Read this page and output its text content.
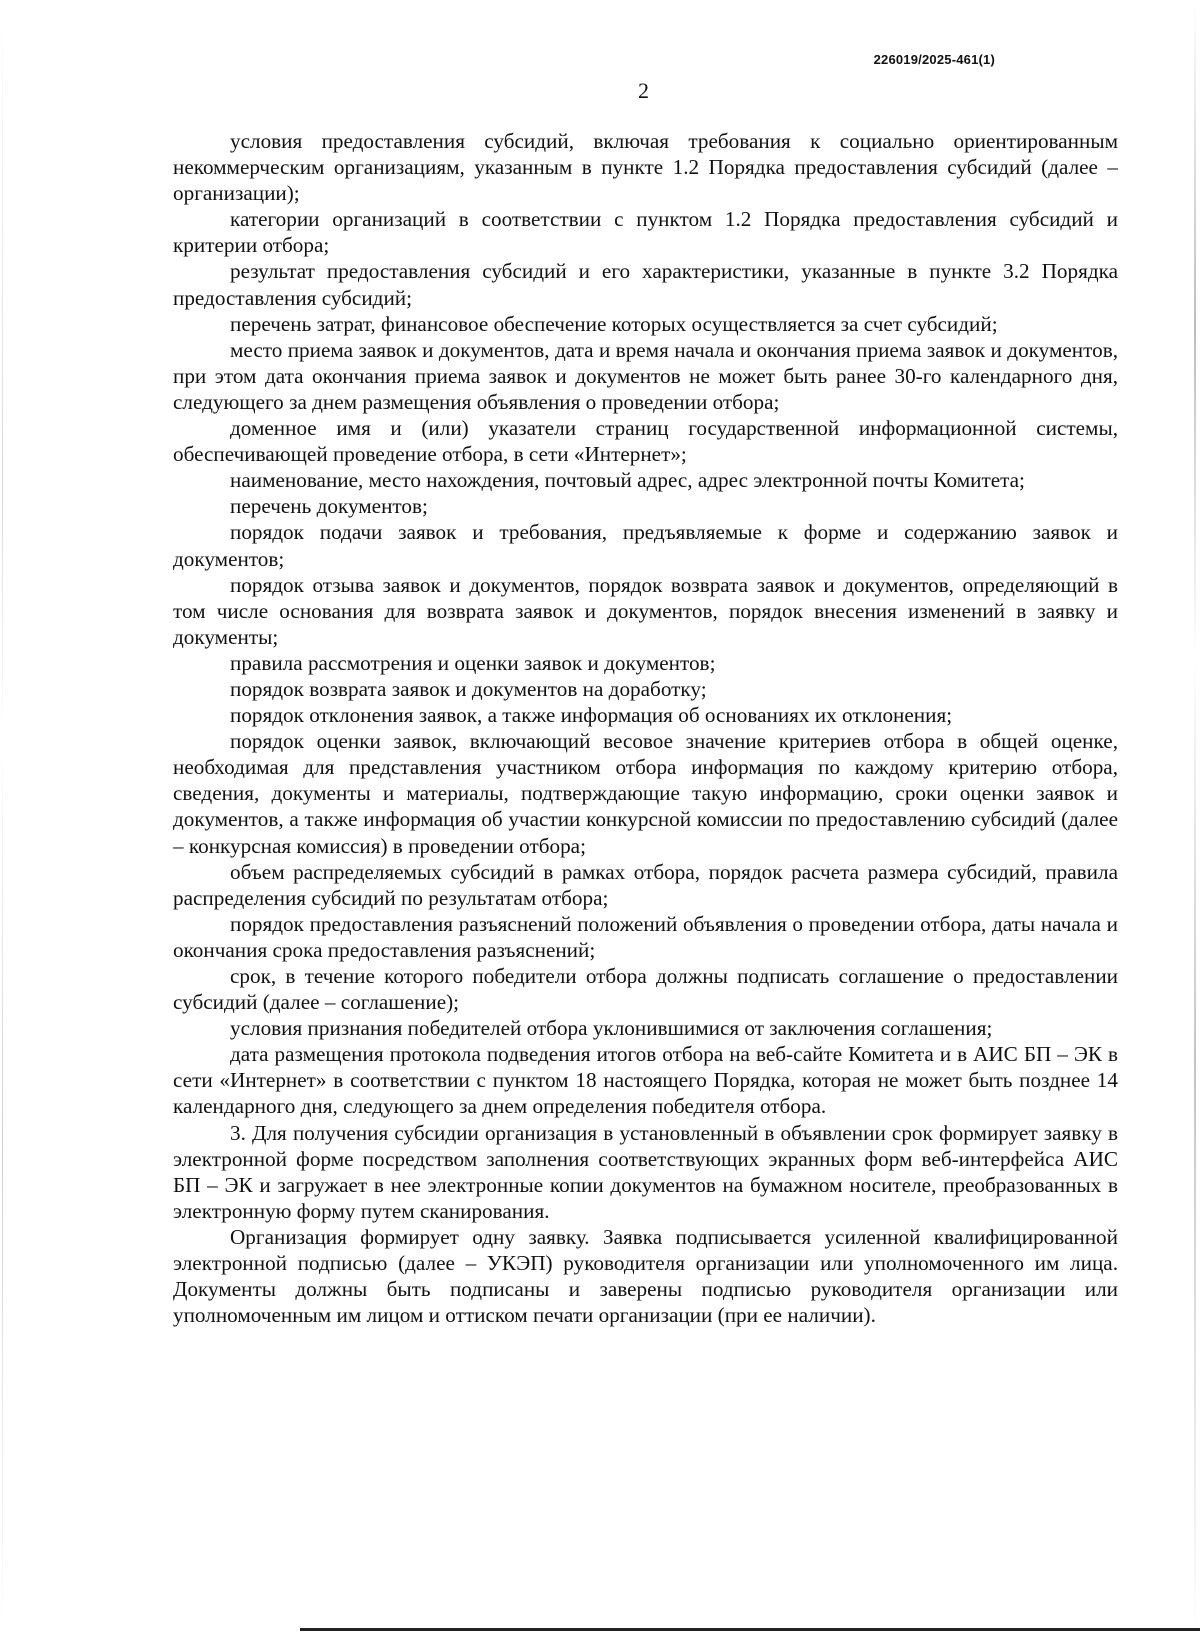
226019/2025-461(1)
2

условия предоставления субсидий, включая требования к социально ориентированным некоммерческим организациям, указанным в пункте 1.2 Порядка предоставления субсидий (далее – организации);

категории организаций в соответствии с пунктом 1.2 Порядка предоставления субсидий и критерии отбора;

результат предоставления субсидий и его характеристики, указанные в пункте 3.2 Порядка предоставления субсидий;

перечень затрат, финансовое обеспечение которых осуществляется за счет субсидий;

место приема заявок и документов, дата и время начала и окончания приема заявок и документов, при этом дата окончания приема заявок и документов не может быть ранее 30-го календарного дня, следующего за днем размещения объявления о проведении отбора;

доменное имя и (или) указатели страниц государственной информационной системы, обеспечивающей проведение отбора, в сети «Интернет»;

наименование, место нахождения, почтовый адрес, адрес электронной почты Комитета;

перечень документов;

порядок подачи заявок и требования, предъявляемые к форме и содержанию заявок и документов;

порядок отзыва заявок и документов, порядок возврата заявок и документов, определяющий в том числе основания для возврата заявок и документов, порядок внесения изменений в заявку и документы;

правила рассмотрения и оценки заявок и документов;

порядок возврата заявок и документов на доработку;

порядок отклонения заявок, а также информация об основаниях их отклонения;

порядок оценки заявок, включающий весовое значение критериев отбора в общей оценке, необходимая для представления участником отбора информация по каждому критерию отбора, сведения, документы и материалы, подтверждающие такую информацию, сроки оценки заявок и документов, а также информация об участии конкурсной комиссии по предоставлению субсидий (далее – конкурсная комиссия) в проведении отбора;

объем распределяемых субсидий в рамках отбора, порядок расчета размера субсидий, правила распределения субсидий по результатам отбора;

порядок предоставления разъяснений положений объявления о проведении отбора, даты начала и окончания срока предоставления разъяснений;

срок, в течение которого победители отбора должны подписать соглашение о предоставлении субсидий (далее – соглашение);

условия признания победителей отбора уклонившимися от заключения соглашения;

дата размещения протокола подведения итогов отбора на веб-сайте Комитета и в АИС БП – ЭК в сети «Интернет» в соответствии с пунктом 18 настоящего Порядка, которая не может быть позднее 14 календарного дня, следующего за днем определения победителя отбора.

3. Для получения субсидии организация в установленный в объявлении срок формирует заявку в электронной форме посредством заполнения соответствующих экранных форм веб-интерфейса АИС БП – ЭК и загружает в нее электронные копии документов на бумажном носителе, преобразованных в электронную форму путем сканирования.

Организация формирует одну заявку. Заявка подписывается усиленной квалифицированной электронной подписью (далее – УКЭП) руководителя организации или уполномоченного им лица. Документы должны быть подписаны и заверены подписью руководителя организации или уполномоченным им лицом и оттиском печати организации (при ее наличии).
